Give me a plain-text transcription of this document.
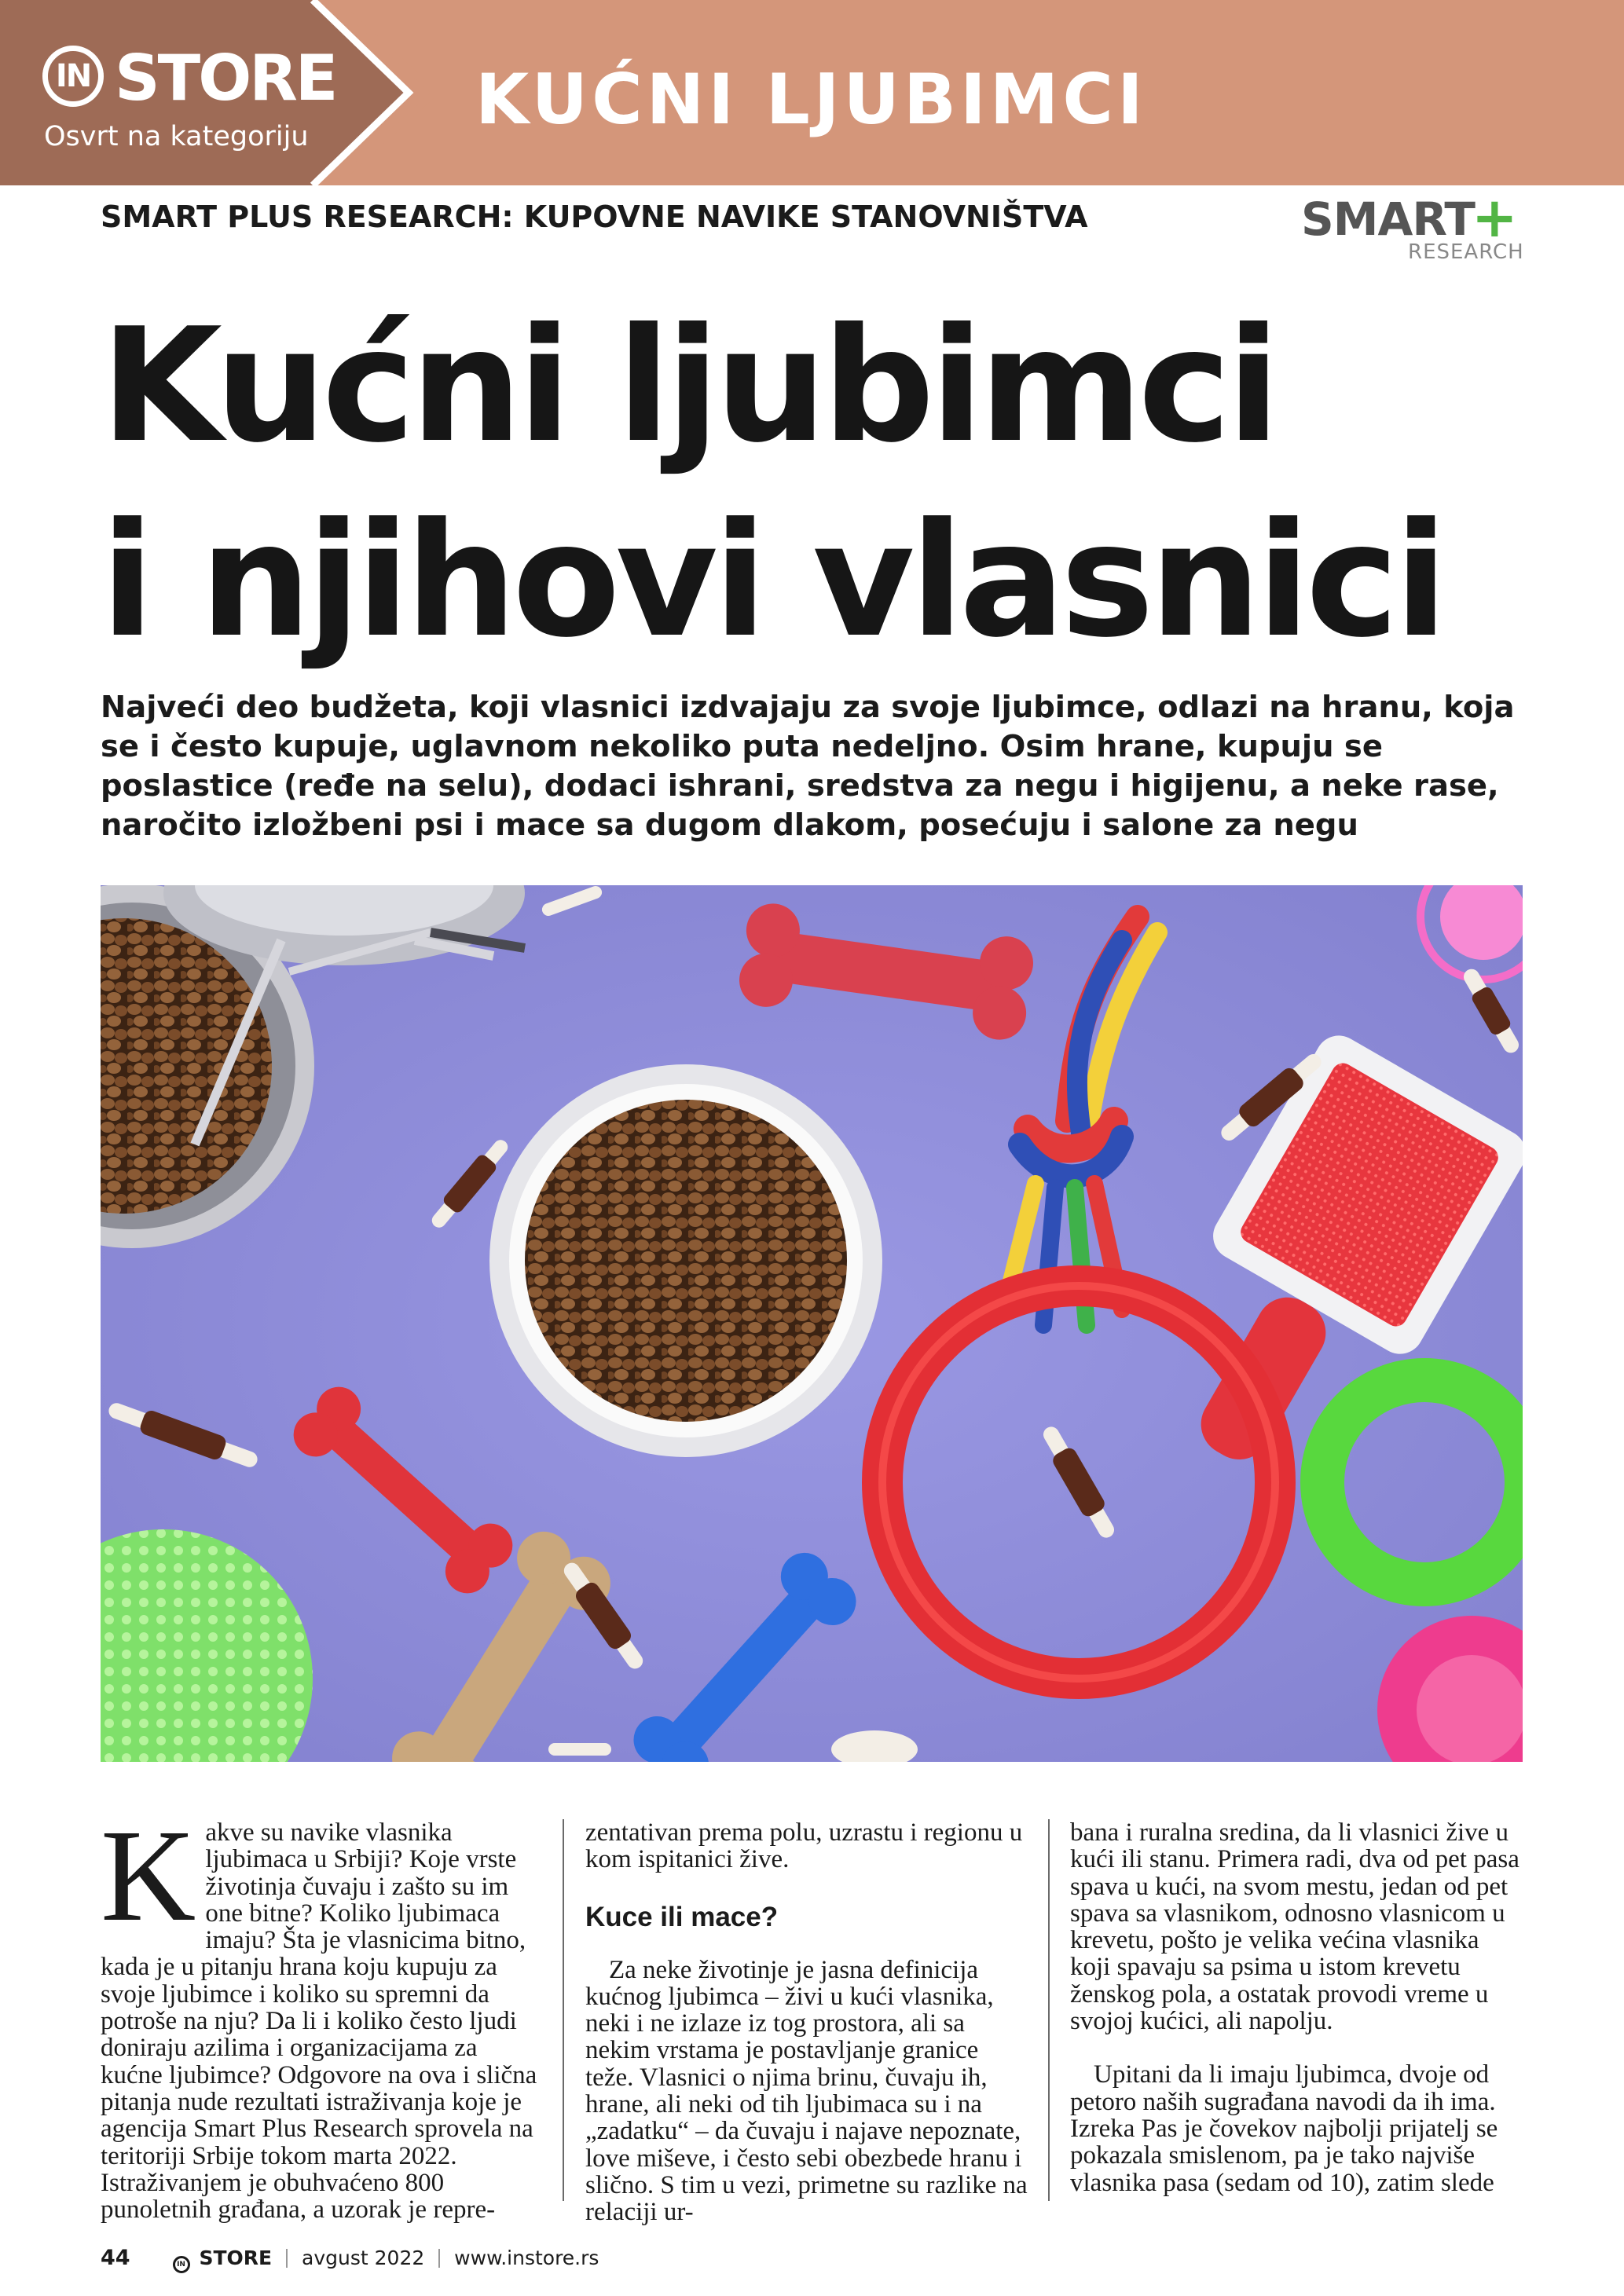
IN STORE
Osvrt na kategoriju KUĆNI LJUBIMCI
SMART PLUS RESEARCH: KUPOVNE NAVIKE STANOVNIŠTVA	SMART
+
RESEARCH
Kućni ljubimci
i njihovi vlasnici

Najveći deo budžeta, koji vlasnici izdvajaju za svoje ljubimce, odlazi na hranu, koja se i često kupuje, uglavnom nekoliko puta nedeljno. Osim hrane, kupuju se poslastice (ređe na selu), dodaci ishrani, sredstva za negu i higijenu, a neke rase, naročito izložbeni psi i mace sa dugom dlakom, posećuju i salone za negu

K akve su navike vlasnika ljubimaca u Srbiji? Koje vrste životinja čuvaju i zašto su im one bitne? Koliko ljubimaca imaju? Šta je vlasnicima bitno, kada je u pitanju hrana koju kupuju za svoje ljubimce i koliko su spremni da potroše na nju? Da li i koliko često ljudi doniraju azilima i organizacijama za kućne ljubimce? Odgovore na ova i slična pitanja nude rezultati istraživanja koje je agencija Smart Plus Research sprovela na teritoriji Srbije tokom marta 2022. Istraživanjem je obuhvaćeno 800 punoletnih građana, a uzorak je repre-

zentativan prema polu, uzrastu i regionu u kom ispitanici žive.

Kuce ili mace?

Za neke životinje je jasna definicija kućnog ljubimca – živi u kući vlasnika, neki i ne izlaze iz tog prostora, ali sa nekim vrstama je postavljanje granice teže. Vlasnici o njima brinu, čuvaju ih, hrane, ali neki od tih ljubimaca su i na „zadatku“ – da čuvaju i najave nepoznate, love miševe, i često sebi obezbede hranu i slično. S tim u vezi, primetne su razlike na relaciji ur-

bana i ruralna sredina, da li vlasnici žive u kući ili stanu. Primera radi, dva od pet pasa spava u kući, na svom mestu, jedan od pet spava sa vlasnikom, odnosno vlasnicom u krevetu, pošto je velika većina vlasnika koji spavaju sa psima u istom krevetu ženskog pola, a ostatak provodi vreme u svojoj kućici, ali napolju.

Upitani da li imaju ljubimca, dvoje od petoro naših sugrađana navodi da ih ima. Izreka Pas je čovekov najbolji prijatelj se pokazala smislenom, pa je tako najviše vlasnika pasa (sedam od 10), zatim slede

44	IN STORE avgust 2022 www.instore.rs
